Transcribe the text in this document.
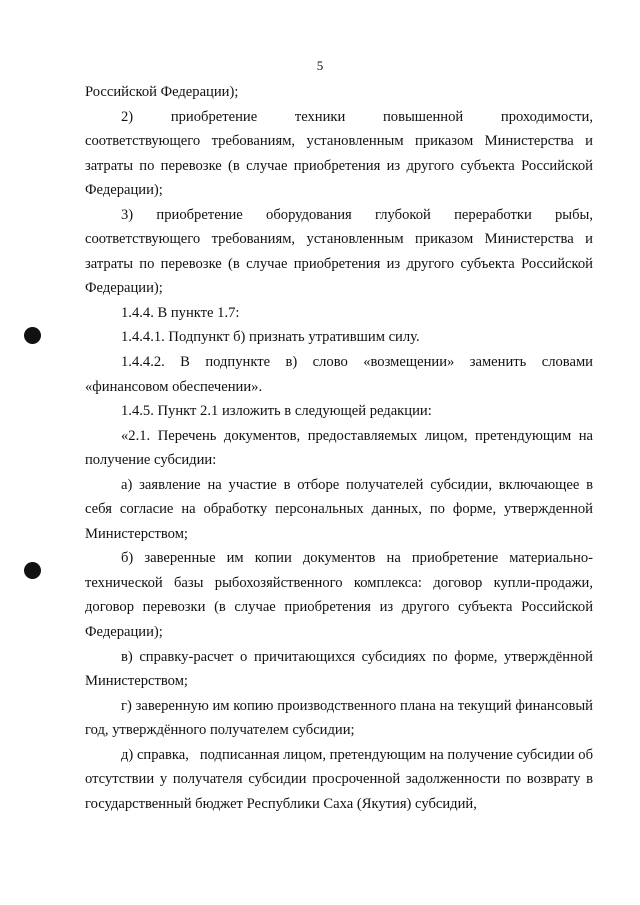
5

Российской Федерации);

2)    приобретение    техники    повышенной    проходимости, соответствующего требованиям, установленным приказом Министерства и затраты по перевозке (в случае приобретения из другого субъекта Российской Федерации);

3) приобретение оборудования глубокой переработки рыбы, соответствующего требованиям, установленным приказом Министерства и затраты по перевозке (в случае приобретения из другого субъекта Российской Федерации);

1.4.4. В пункте 1.7:

1.4.4.1. Подпункт б) признать утратившим силу.

1.4.4.2. В подпункте в) слово «возмещении» заменить словами «финансовом обеспечении».

1.4.5. Пункт 2.1 изложить в следующей редакции:

«2.1. Перечень документов, предоставляемых лицом, претендующим на получение субсидии:

а) заявление на участие в отборе получателей субсидии, включающее в себя согласие на обработку персональных данных, по форме, утвержденной Министерством;

б) заверенные им копии документов на приобретение материально-технической базы рыбохозяйственного комплекса: договор купли-продажи, договор перевозки (в случае приобретения из другого субъекта Российской Федерации);

в) справку-расчет о причитающихся субсидиях по форме, утверждённой Министерством;

г) заверенную им копию производственного плана на текущий финансовый год, утверждённого получателем субсидии;

д) справка,   подписанная лицом, претендующим на получение субсидии об отсутствии у получателя субсидии просроченной задолженности по возврату в государственный бюджет Республики Саха (Якутия) субсидий,
